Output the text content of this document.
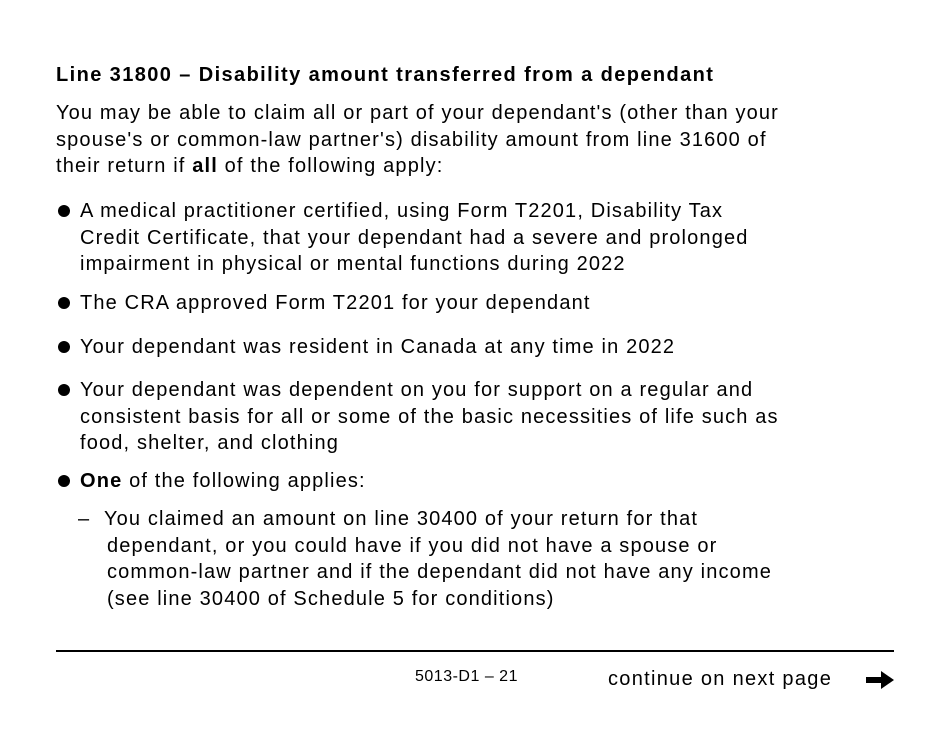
Line 31800 – Disability amount transferred from a dependant
You may be able to claim all or part of your dependant's (other than your
spouse's or common-law partner's) disability amount from line 31600 of
their return if all of the following apply:
A medical practitioner certified, using Form T2201, Disability Tax
Credit Certificate, that your dependant had a severe and prolonged
impairment in physical or mental functions during 2022
The CRA approved Form T2201 for your dependant
Your dependant was resident in Canada at any time in 2022
Your dependant was dependent on you for support on a regular and
consistent basis for all or some of the basic necessities of life such as
food, shelter, and clothing
One of the following applies:
– You claimed an amount on line 30400 of your return for that
dependant, or you could have if you did not have a spouse or
common-law partner and if the dependant did not have any income
(see line 30400 of Schedule 5 for conditions)
5013-D1 – 21	continue on next page
